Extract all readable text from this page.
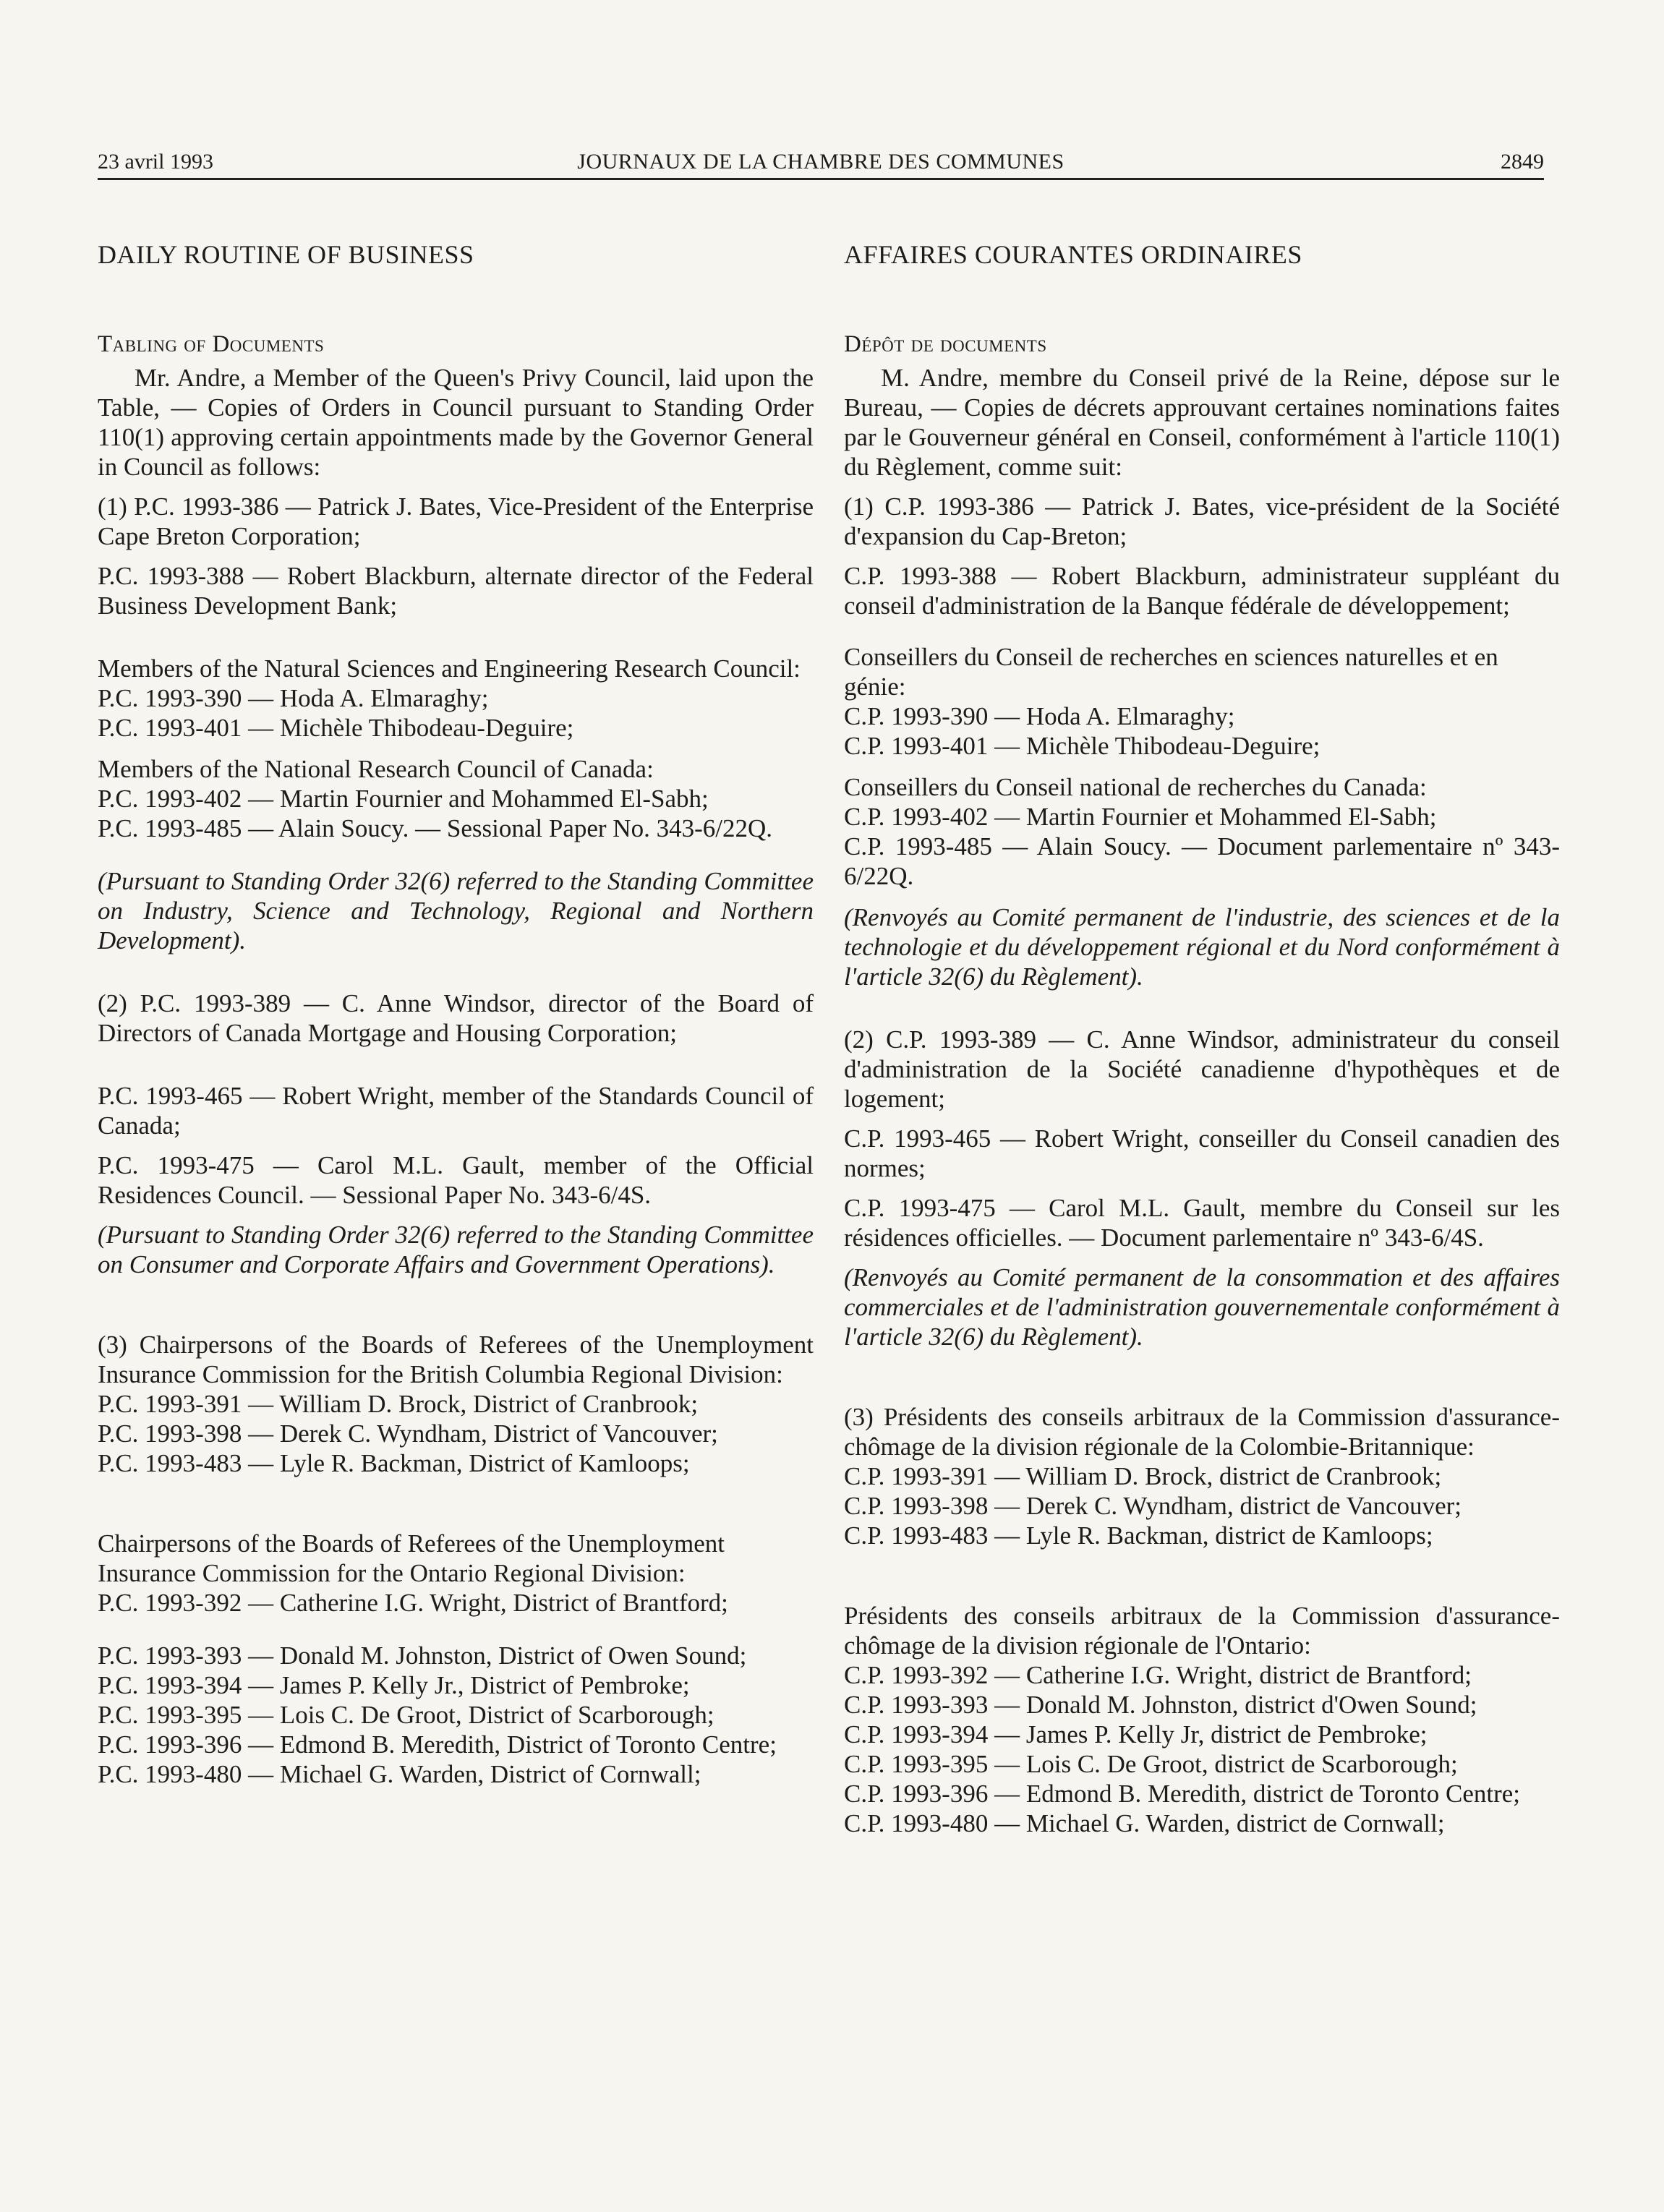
23 avril 1993	JOURNAUX DE LA CHAMBRE DES COMMUNES	2849
DAILY ROUTINE OF BUSINESS
Tabling of Documents
Mr. Andre, a Member of the Queen's Privy Council, laid upon the Table, — Copies of Orders in Council pursuant to Standing Order 110(1) approving certain appointments made by the Governor General in Council as follows:
(1) P.C. 1993-386 — Patrick J. Bates, Vice-President of the Enterprise Cape Breton Corporation;
P.C. 1993-388 — Robert Blackburn, alternate director of the Federal Business Development Bank;
Members of the Natural Sciences and Engineering Research Council:
P.C. 1993-390 — Hoda A. Elmaraghy;
P.C. 1993-401 — Michèle Thibodeau-Deguire;
Members of the National Research Council of Canada:
P.C. 1993-402 — Martin Fournier and Mohammed El-Sabh;
P.C. 1993-485 — Alain Soucy. — Sessional Paper No. 343-6/22Q.
(Pursuant to Standing Order 32(6) referred to the Standing Committee on Industry, Science and Technology, Regional and Northern Development).
(2) P.C. 1993-389 — C. Anne Windsor, director of the Board of Directors of Canada Mortgage and Housing Corporation;
P.C. 1993-465 — Robert Wright, member of the Standards Council of Canada;
P.C. 1993-475 — Carol M.L. Gault, member of the Official Residences Council. — Sessional Paper No. 343-6/4S.
(Pursuant to Standing Order 32(6) referred to the Standing Committee on Consumer and Corporate Affairs and Government Operations).
(3) Chairpersons of the Boards of Referees of the Unemployment Insurance Commission for the British Columbia Regional Division:
P.C. 1993-391 — William D. Brock, District of Cranbrook;
P.C. 1993-398 — Derek C. Wyndham, District of Vancouver;
P.C. 1993-483 — Lyle R. Backman, District of Kamloops;
Chairpersons of the Boards of Referees of the Unemployment Insurance Commission for the Ontario Regional Division:
P.C. 1993-392 — Catherine I.G. Wright, District of Brantford;
P.C. 1993-393 — Donald M. Johnston, District of Owen Sound;
P.C. 1993-394 — James P. Kelly Jr., District of Pembroke;
P.C. 1993-395 — Lois C. De Groot, District of Scarborough;
P.C. 1993-396 — Edmond B. Meredith, District of Toronto Centre;
P.C. 1993-480 — Michael G. Warden, District of Cornwall;
AFFAIRES COURANTES ORDINAIRES
Dépôt de documents
M. Andre, membre du Conseil privé de la Reine, dépose sur le Bureau, — Copies de décrets approuvant certaines nominations faites par le Gouverneur général en Conseil, conformément à l'article 110(1) du Règlement, comme suit:
(1) C.P. 1993-386 — Patrick J. Bates, vice-président de la Société d'expansion du Cap-Breton;
C.P. 1993-388 — Robert Blackburn, administrateur suppléant du conseil d'administration de la Banque fédérale de développement;
Conseillers du Conseil de recherches en sciences naturelles et en génie:
C.P. 1993-390 — Hoda A. Elmaraghy;
C.P. 1993-401 — Michèle Thibodeau-Deguire;
Conseillers du Conseil national de recherches du Canada:
C.P. 1993-402 — Martin Fournier et Mohammed El-Sabh;
C.P. 1993-485 — Alain Soucy. — Document parlementaire nº 343-6/22Q.
(Renvoyés au Comité permanent de l'industrie, des sciences et de la technologie et du développement régional et du Nord conformément à l'article 32(6) du Règlement).
(2) C.P. 1993-389 — C. Anne Windsor, administrateur du conseil d'administration de la Société canadienne d'hypothèques et de logement;
C.P. 1993-465 — Robert Wright, conseiller du Conseil canadien des normes;
C.P. 1993-475 — Carol M.L. Gault, membre du Conseil sur les résidences officielles. — Document parlementaire nº 343-6/4S.
(Renvoyés au Comité permanent de la consommation et des affaires commerciales et de l'administration gouvernementale conformément à l'article 32(6) du Règlement).
(3) Présidents des conseils arbitraux de la Commission d'assurance-chômage de la division régionale de la Colombie-Britannique:
C.P. 1993-391 — William D. Brock, district de Cranbrook;
C.P. 1993-398 — Derek C. Wyndham, district de Vancouver;
C.P. 1993-483 — Lyle R. Backman, district de Kamloops;
Présidents des conseils arbitraux de la Commission d'assurance-chômage de la division régionale de l'Ontario:
C.P. 1993-392 — Catherine I.G. Wright, district de Brantford;
C.P. 1993-393 — Donald M. Johnston, district d'Owen Sound;
C.P. 1993-394 — James P. Kelly Jr, district de Pembroke;
C.P. 1993-395 — Lois C. De Groot, district de Scarborough;
C.P. 1993-396 — Edmond B. Meredith, district de Toronto Centre;
C.P. 1993-480 — Michael G. Warden, district de Cornwall;
